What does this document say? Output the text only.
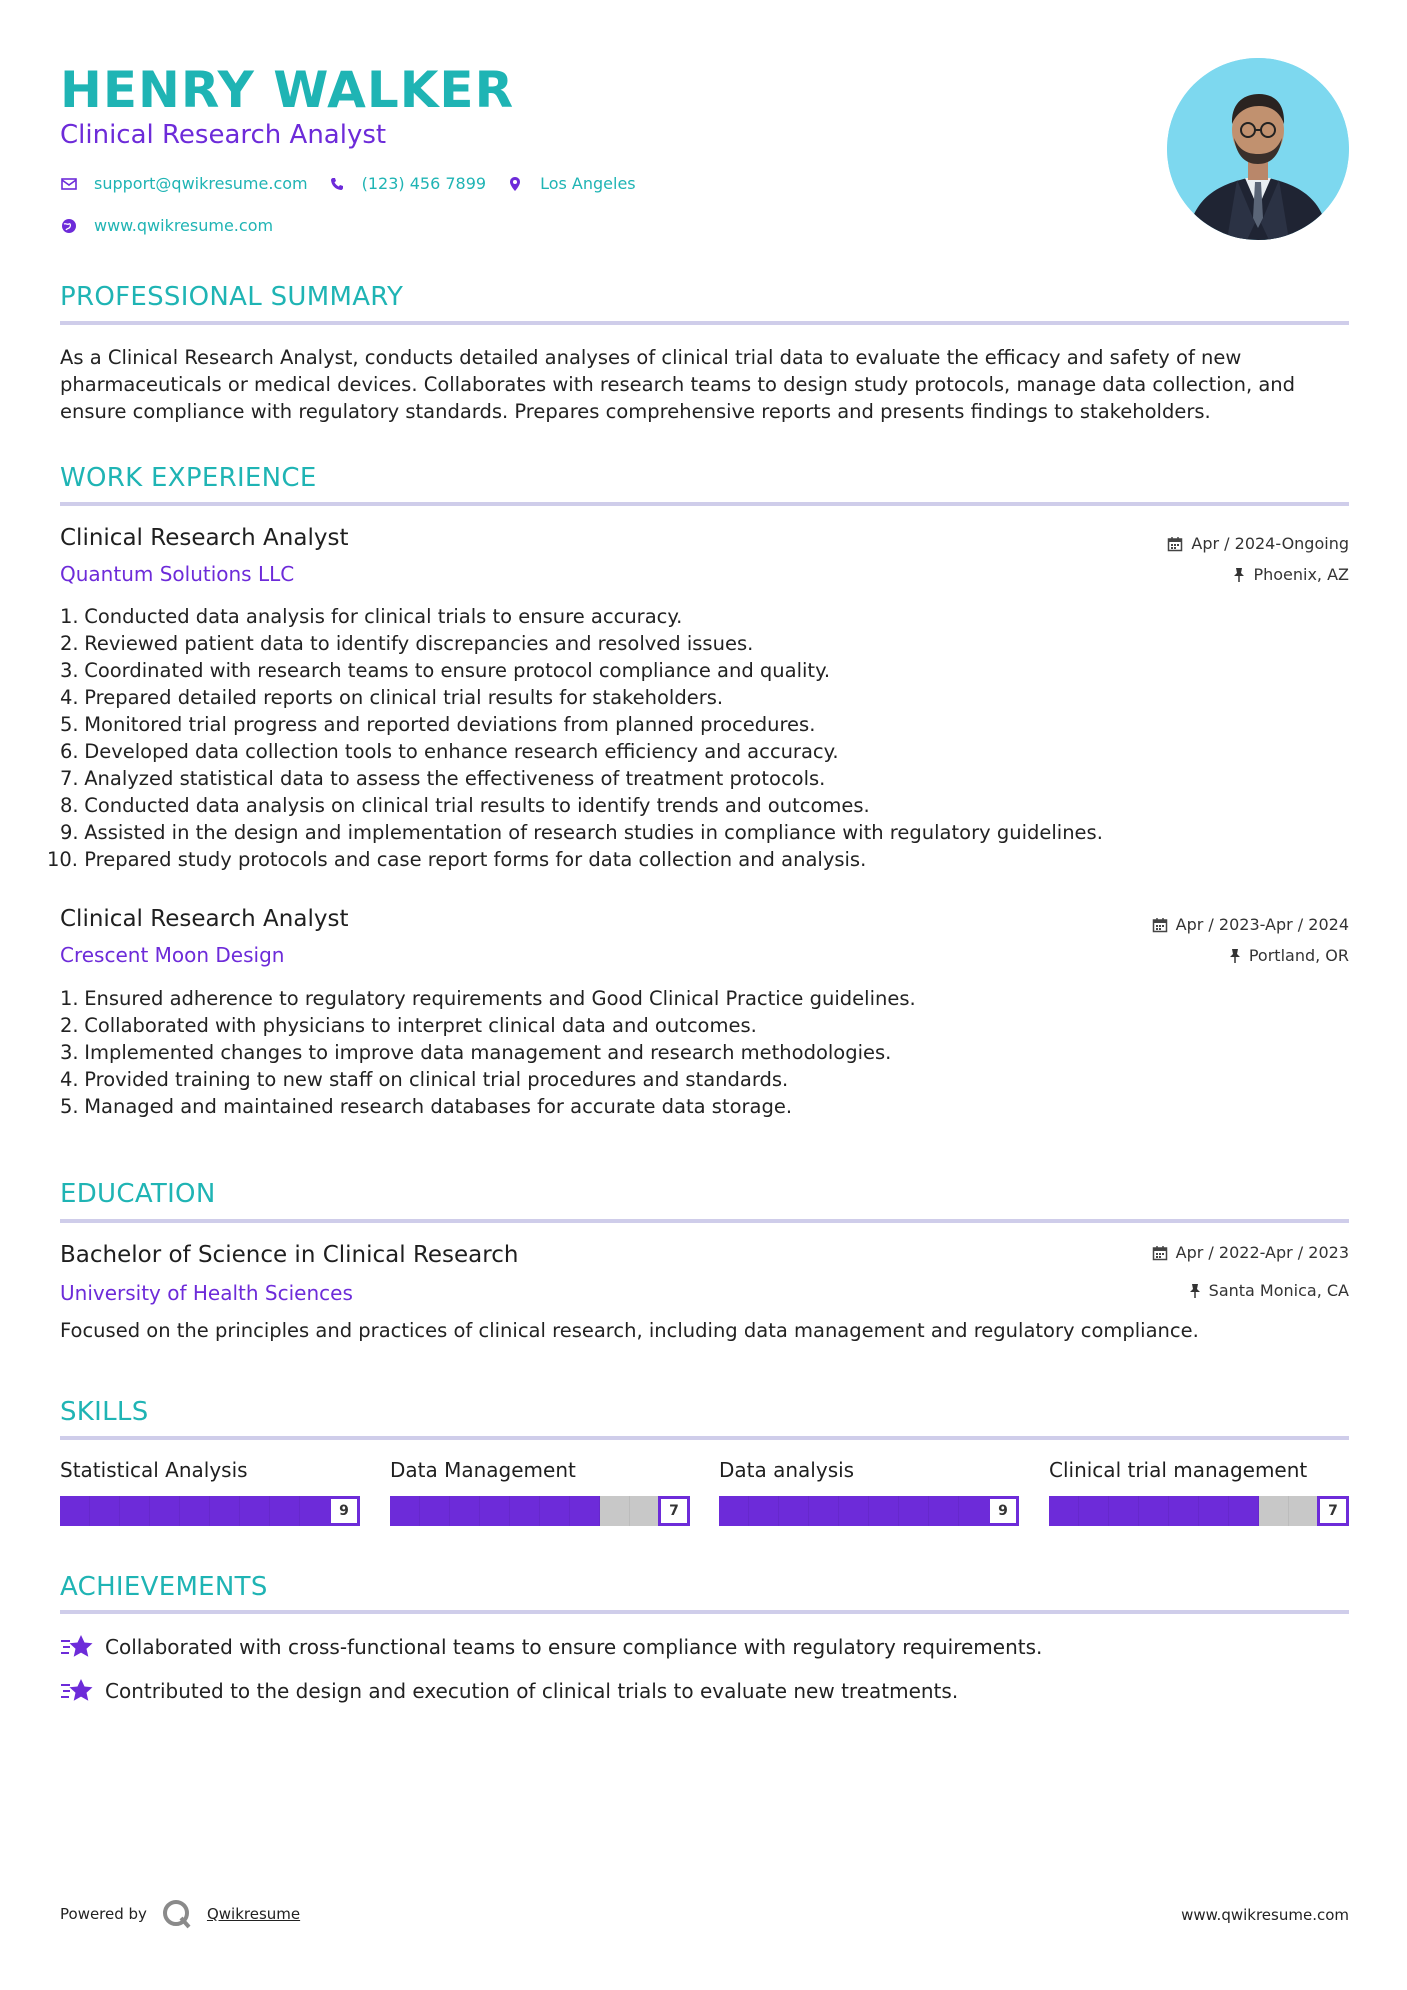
HENRY WALKER
Clinical Research Analyst
support@qwikresume.com	(123) 456 7899	Los Angeles
www.qwikresume.com
PROFESSIONAL SUMMARY
As a Clinical Research Analyst, conducts detailed analyses of clinical trial data to evaluate the efficacy and safety of new pharmaceuticals or medical devices. Collaborates with research teams to design study protocols, manage data collection, and ensure compliance with regulatory standards. Prepares comprehensive reports and presents findings to stakeholders.
WORK EXPERIENCE
Clinical Research Analyst
Quantum Solutions LLC
Apr / 2024-Ongoing
Phoenix, AZ
1.
Conducted data analysis for clinical trials to ensure accuracy.
2.
Reviewed patient data to identify discrepancies and resolved issues.
3.
Coordinated with research teams to ensure protocol compliance and quality.
4.
Prepared detailed reports on clinical trial results for stakeholders.
5.
Monitored trial progress and reported deviations from planned procedures.
6.
Developed data collection tools to enhance research efficiency and accuracy.
7.
Analyzed statistical data to assess the effectiveness of treatment protocols.
8.
Conducted data analysis on clinical trial results to identify trends and outcomes.
9.
Assisted in the design and implementation of research studies in compliance with regulatory guidelines.
10.
Prepared study protocols and case report forms for data collection and analysis.
Clinical Research Analyst
Crescent Moon Design
Apr / 2023-Apr / 2024
Portland, OR
1.
Ensured adherence to regulatory requirements and Good Clinical Practice guidelines.
2.
Collaborated with physicians to interpret clinical data and outcomes.
3.
Implemented changes to improve data management and research methodologies.
4.
Provided training to new staff on clinical trial procedures and standards.
5.
Managed and maintained research databases for accurate data storage.
EDUCATION
Bachelor of Science in Clinical Research
University of Health Sciences
Apr / 2022-Apr / 2023
Santa Monica, CA
Focused on the principles and practices of clinical research, including data management and regulatory compliance.
SKILLS
Statistical Analysis
9
Data Management
7
Data analysis
9
Clinical trial management
7
ACHIEVEMENTS
Collaborated with cross-functional teams to ensure compliance with regulatory requirements.
Contributed to the design and execution of clinical trials to evaluate new treatments.
Powered by	Qwikresume	www.qwikresume.com
